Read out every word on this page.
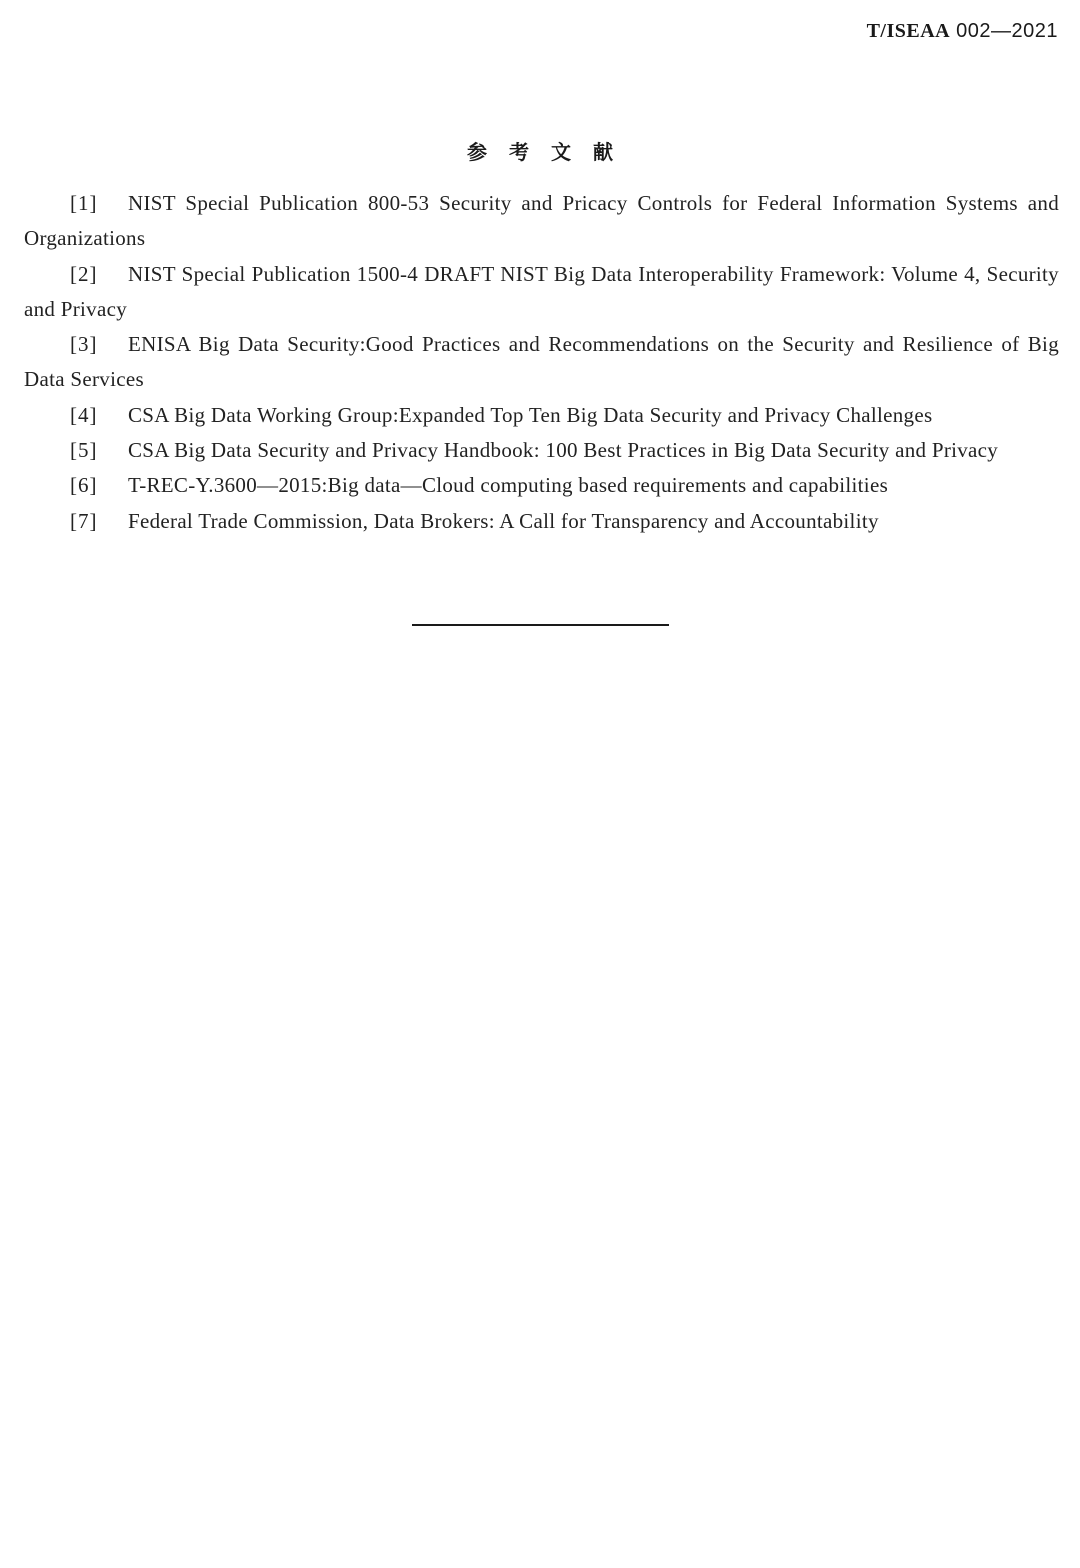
T/ISEAA 002—2021
参考文献

[1] NIST Special Publication 800-53 Security and Pricacy Controls for Federal Information Systems and Organizations

[2] NIST Special Publication 1500-4 DRAFT NIST Big Data Interoperability Framework: Volume 4, Security and Privacy

[3] ENISA Big Data Security:Good Practices and Recommendations on the Security and Resilience of Big Data Services

[4] CSA Big Data Working Group:Expanded Top Ten Big Data Security and Privacy Challenges

[5] CSA Big Data Security and Privacy Handbook: 100 Best Practices in Big Data Security and Privacy

[6] T-REC-Y.3600—2015:Big data—Cloud computing based requirements and capabilities

[7] Federal Trade Commission, Data Brokers: A Call for Transparency and Accountability
